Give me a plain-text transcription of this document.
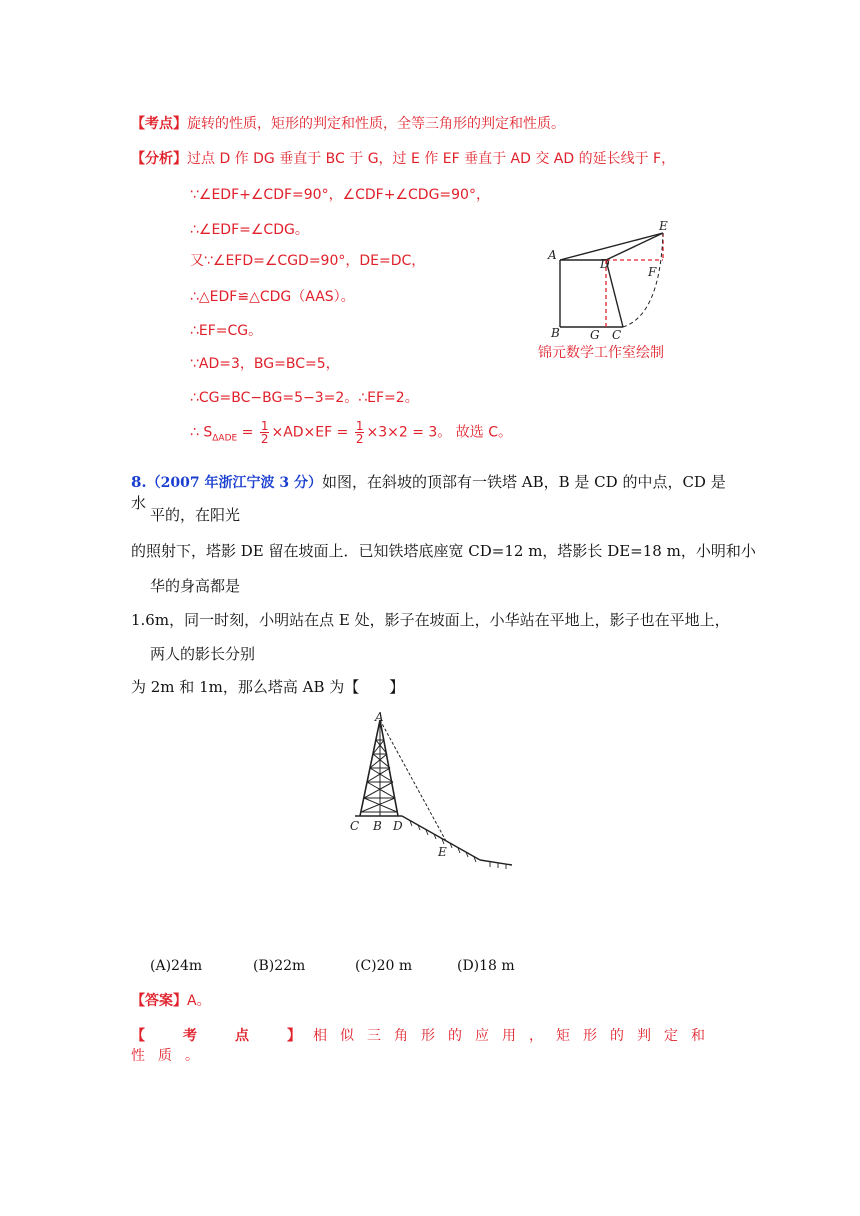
【考点】旋转的性质，矩形的判定和性质，全等三角形的判定和性质。
【分析】过点 D 作 DG 垂直于 BC 于 G，过 E 作 EF 垂直于 AD 交 AD 的延长线于 F，
∵∠EDF+∠CDF=90°，∠CDF+∠CDG=90°，
∴∠EDF=∠CDG。
又∵∠EFD=∠CGD=90°，DE=DC，
∴△EDF≌△CDG（AAS）。
∴EF=CG。
∵AD=3，BG=BC=5，
∴CG=BC−BG=5−3=2。∴EF=2。
∴ $S_{\Delta ADE} = \frac{1}{2} \times AD\times EF = \frac{1}{2} \times 3\times 2 = 3$。 故选 C。
A
D
E
F
B	G C
锦元数学工作室绘制
8.（2007 年浙江宁波 3 分）如图，在斜坡的顶部有一铁塔 AB，B 是 CD 的中点，CD 是水
平的，在阳光
的照射下，塔影 DE 留在坡面上．已知铁塔底座宽 CD=12 m，塔影长 DE=18 m，小明和小
华的身高都是
1.6m，同一时刻，小明站在点 E 处，影子在坡面上，小华站在平地上，影子也在平地上，
两人的影长分别
为 2m 和 1m，那么塔高 AB 为【　　】
A
C B D
E
(A)24m	(B)22m	(C)20 m	(D)18 m
【答案】A。
【　考　点　】相似三角形的应用，矩形的判定和性质。
